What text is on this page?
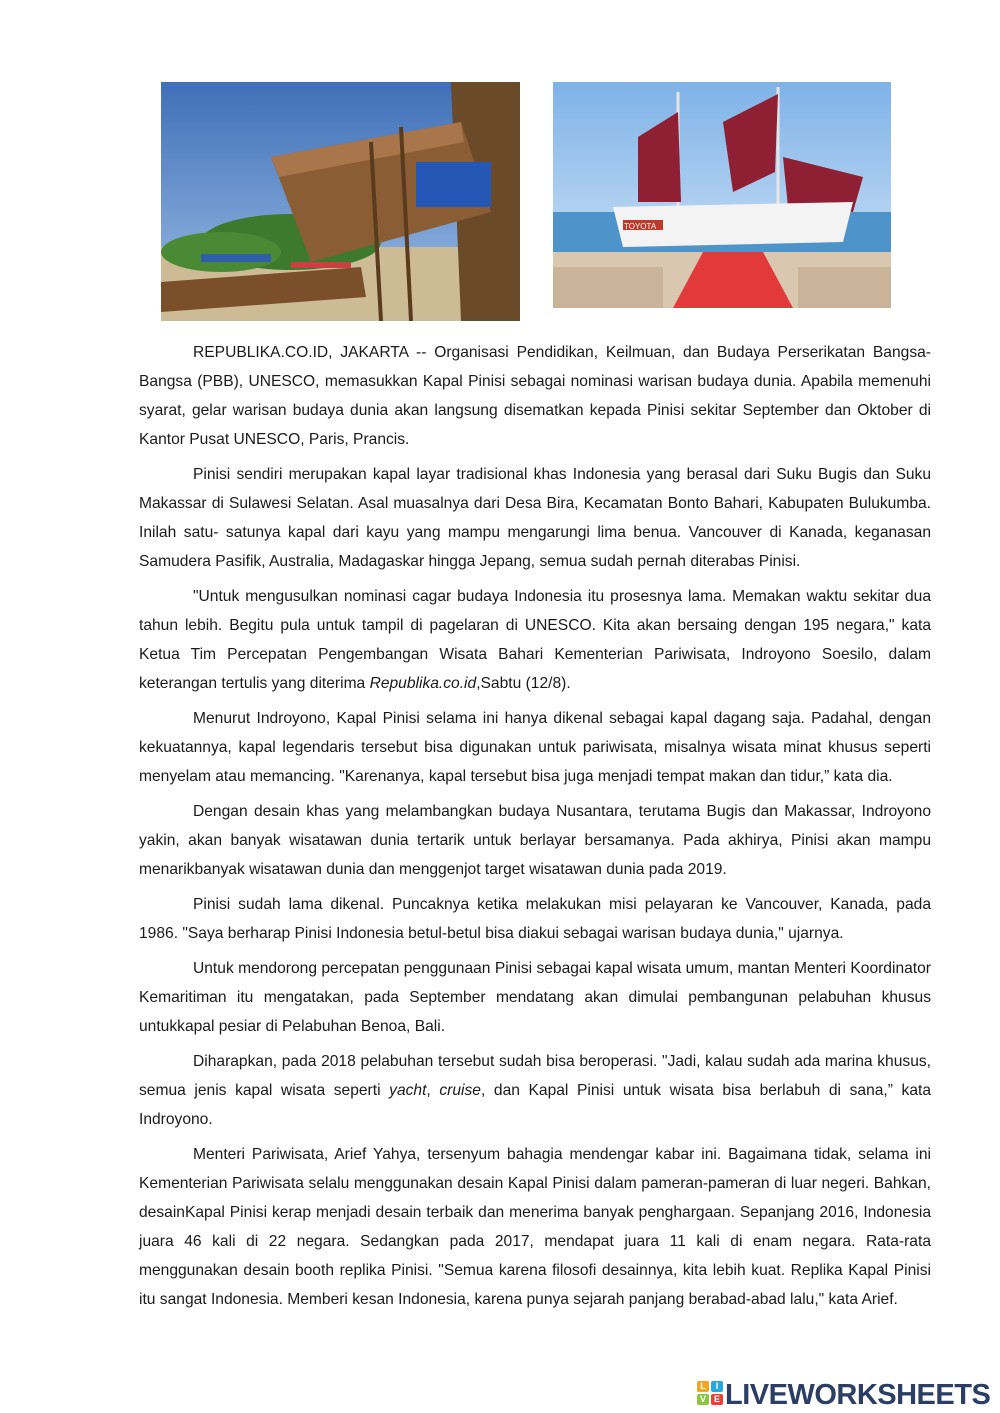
TOYOTA

REPUBLIKA.CO.ID, JAKARTA -- Organisasi Pendidikan, Keilmuan, dan Budaya Perserikatan Bangsa-Bangsa (PBB), UNESCO, memasukkan Kapal Pinisi sebagai nominasi warisan budaya dunia. Apabila memenuhi syarat, gelar warisan budaya dunia akan langsung disematkan kepada Pinisi sekitar September dan Oktober di Kantor Pusat UNESCO, Paris, Prancis.

Pinisi sendiri merupakan kapal layar tradisional khas Indonesia yang berasal dari Suku Bugis dan Suku Makassar di Sulawesi Selatan. Asal muasalnya dari Desa Bira, Kecamatan Bonto Bahari, Kabupaten Bulukumba. Inilah satu- satunya kapal dari kayu yang mampu mengarungi lima benua. Vancouver di Kanada, keganasan Samudera Pasifik, Australia, Madagaskar hingga Jepang, semua sudah pernah diterabas Pinisi.

"Untuk mengusulkan nominasi cagar budaya Indonesia itu prosesnya lama. Memakan waktu sekitar dua tahun lebih. Begitu pula untuk tampil di pagelaran di UNESCO. Kita akan bersaing dengan 195 negara," kata Ketua Tim Percepatan Pengembangan Wisata Bahari Kementerian Pariwisata, Indroyono Soesilo, dalam keterangan tertulis yang diterima Republika.co.id,Sabtu (12/8).

Menurut Indroyono, Kapal Pinisi selama ini hanya dikenal sebagai kapal dagang saja. Padahal, dengan kekuatannya, kapal legendaris tersebut bisa digunakan untuk pariwisata, misalnya wisata minat khusus seperti menyelam atau memancing. "Karenanya, kapal tersebut bisa juga menjadi tempat makan dan tidur,” kata dia.

Dengan desain khas yang melambangkan budaya Nusantara, terutama Bugis dan Makassar, Indroyono yakin, akan banyak wisatawan dunia tertarik untuk berlayar bersamanya. Pada akhirya, Pinisi akan mampu menarikbanyak wisatawan dunia dan menggenjot target wisatawan dunia pada 2019.

Pinisi sudah lama dikenal. Puncaknya ketika melakukan misi pelayaran ke Vancouver, Kanada, pada 1986. "Saya berharap Pinisi Indonesia betul-betul bisa diakui sebagai warisan budaya dunia," ujarnya.

Untuk mendorong percepatan penggunaan Pinisi sebagai kapal wisata umum, mantan Menteri Koordinator Kemaritiman itu mengatakan, pada September mendatang akan dimulai pembangunan pelabuhan khusus untukkapal pesiar di Pelabuhan Benoa, Bali.

Diharapkan, pada 2018 pelabuhan tersebut sudah bisa beroperasi. "Jadi, kalau sudah ada marina khusus, semua jenis kapal wisata seperti yacht, cruise, dan Kapal Pinisi untuk wisata bisa berlabuh di sana,” kata Indroyono.

Menteri Pariwisata, Arief Yahya, tersenyum bahagia mendengar kabar ini. Bagaimana tidak, selama ini Kementerian Pariwisata selalu menggunakan desain Kapal Pinisi dalam pameran-pameran di luar negeri. Bahkan, desainKapal Pinisi kerap menjadi desain terbaik dan menerima banyak penghargaan. Sepanjang 2016, Indonesia juara 46 kali di 22 negara. Sedangkan pada 2017, mendapat juara 11 kali di enam negara. Rata-rata menggunakan desain booth replika Pinisi. "Semua karena filosofi desainnya, kita lebih kuat. Replika Kapal Pinisi itu sangat Indonesia. Memberi kesan Indonesia, karena punya sejarah panjang berabad-abad lalu," kata Arief.

L	I
V E LIVEWORKSHEETS
